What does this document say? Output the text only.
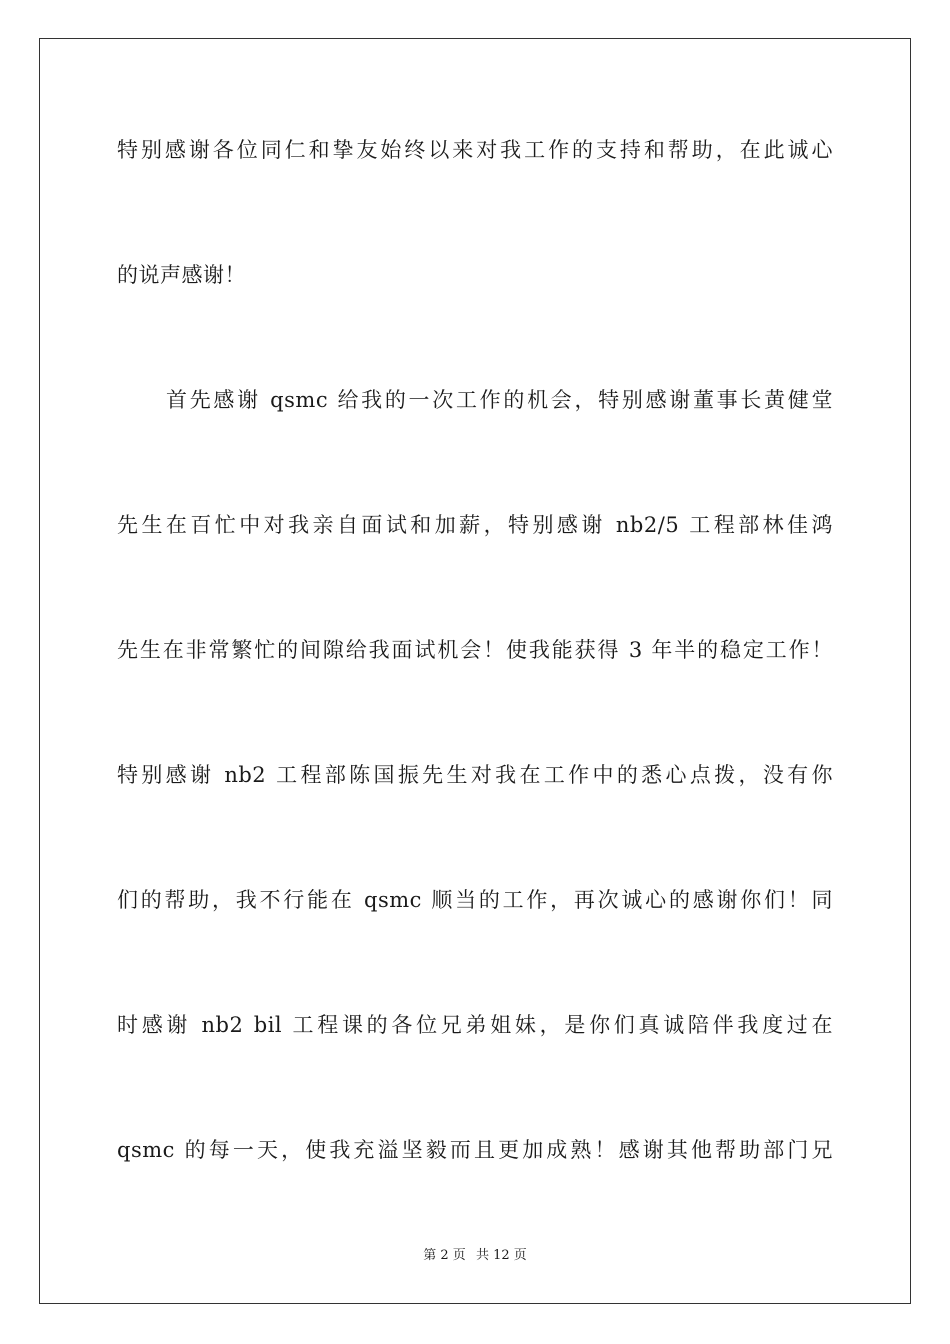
特别感谢各位同仁和挚友始终以来对我工作的支持和帮助，在此诚心
的说声感谢！
首先感谢 qsmc 给我的一次工作的机会，特别感谢董事长黄健堂
先生在百忙中对我亲自面试和加薪，特别感谢 nb2/5 工程部林佳鸿
先生在非常繁忙的间隙给我面试机会！使我能获得 3 年半的稳定工作！
特别感谢 nb2 工程部陈国振先生对我在工作中的悉心点拨，没有你
们的帮助，我不行能在 qsmc 顺当的工作，再次诚心的感谢你们！同
时感谢 nb2 bil 工程课的各位兄弟姐妹，是你们真诚陪伴我度过在
qsmc 的每一天，使我充溢坚毅而且更加成熟！感谢其他帮助部门兄
第 2 页 共 12 页
